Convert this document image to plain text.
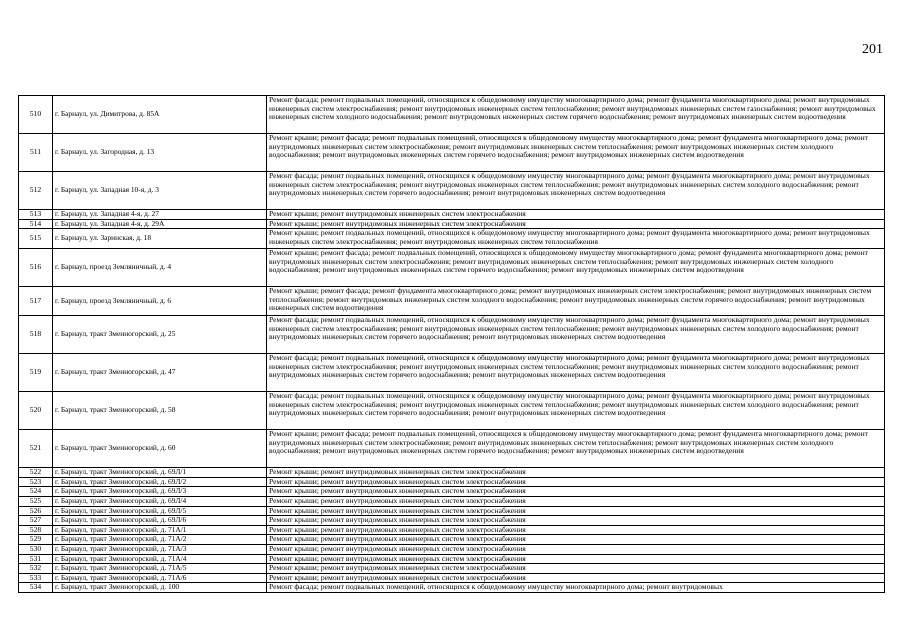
201
510	г. Барнаул, ул. Димитрова, д. 85А	Ремонт фасада; ремонт подвальных помещений, относящихся к общедомовому имуществу многоквартирного дома; ремонт фундамента многоквартирного дома; ремонт внутридомовых инженерных систем электроснабжения; ремонт внутридомовых инженерных систем теплоснабжения; ремонт внутридомовых инженерных систем газоснабжения; ремонт внутридомовых инженерных систем холодного водоснабжения; ремонт внутридомовых инженерных систем горячего водоснабжения; ремонт внутридомовых инженерных систем водоотведения
511	г. Барнаул, ул. Загородная, д. 13	Ремонт крыши; ремонт фасада; ремонт подвальных помещений, относящихся к общедомовому имуществу многоквартирного дома; ремонт фундамента многоквартирного дома; ремонт внутридомовых инженерных систем электроснабжения; ремонт внутридомовых инженерных систем теплоснабжения; ремонт внутридомовых инженерных систем холодного водоснабжения; ремонт внутридомовых инженерных систем горячего водоснабжения; ремонт внутридомовых инженерных систем водоотведения
512	г. Барнаул, ул. Западная 10-я, д. 3	Ремонт фасада; ремонт подвальных помещений, относящихся к общедомовому имуществу многоквартирного дома; ремонт фундамента многоквартирного дома; ремонт внутридомовых инженерных систем электроснабжения; ремонт внутридомовых инженерных систем теплоснабжения; ремонт внутридомовых инженерных систем холодного водоснабжения; ремонт внутридомовых инженерных систем горячего водоснабжения; ремонт внутридомовых инженерных систем водоотведения
513	г. Барнаул, ул. Западная 4-я, д. 27	Ремонт крыши; ремонт внутридомовых инженерных систем электроснабжения
514	г. Барнаул, ул. Западная 4-я, д. 29А	Ремонт крыши; ремонт внутридомовых инженерных систем электроснабжения
515	г. Барнаул, ул. Заринская, д. 18	Ремонт крыши; ремонт подвальных помещений, относящихся к общедомовому имуществу многоквартирного дома; ремонт фундамента многоквартирного дома; ремонт внутридомовых инженерных систем электроснабжения; ремонт внутридомовых инженерных систем теплоснабжения
516	г. Барнаул, проезд Земляничный, д. 4	Ремонт крыши; ремонт фасада; ремонт подвальных помещений, относящихся к общедомовому имуществу многоквартирного дома; ремонт фундамента многоквартирного дома; ремонт внутридомовых инженерных систем электроснабжения; ремонт внутридомовых инженерных систем теплоснабжения; ремонт внутридомовых инженерных систем холодного водоснабжения; ремонт внутридомовых инженерных систем горячего водоснабжения; ремонт внутридомовых инженерных систем водоотведения
517	г. Барнаул, проезд Земляничный, д. 6	Ремонт крыши; ремонт фасада; ремонт фундамента многоквартирного дома; ремонт внутридомовых инженерных систем электроснабжения; ремонт внутридомовых инженерных систем теплоснабжения; ремонт внутридомовых инженерных систем холодного водоснабжения; ремонт внутридомовых инженерных систем горячего водоснабжения; ремонт внутридомовых инженерных систем водоотведения
518	г. Барнаул, тракт Змеиногорский, д. 25	Ремонт фасада; ремонт подвальных помещений, относящихся к общедомовому имуществу многоквартирного дома; ремонт фундамента многоквартирного дома; ремонт внутридомовых инженерных систем электроснабжения; ремонт внутридомовых инженерных систем теплоснабжения; ремонт внутридомовых инженерных систем холодного водоснабжения; ремонт внутридомовых инженерных систем горячего водоснабжения; ремонт внутридомовых инженерных систем водоотведения
519	г. Барнаул, тракт Змеиногорский, д. 47	Ремонт фасада; ремонт подвальных помещений, относящихся к общедомовому имуществу многоквартирного дома; ремонт фундамента многоквартирного дома; ремонт внутридомовых инженерных систем электроснабжения; ремонт внутридомовых инженерных систем теплоснабжения; ремонт внутридомовых инженерных систем холодного водоснабжения; ремонт внутридомовых инженерных систем горячего водоснабжения; ремонт внутридомовых инженерных систем водоотведения
520	г. Барнаул, тракт Змеиногорский, д. 58	Ремонт фасада; ремонт подвальных помещений, относящихся к общедомовому имуществу многоквартирного дома; ремонт фундамента многоквартирного дома; ремонт внутридомовых инженерных систем электроснабжения; ремонт внутридомовых инженерных систем теплоснабжения; ремонт внутридомовых инженерных систем холодного водоснабжения; ремонт внутридомовых инженерных систем горячего водоснабжения; ремонт внутридомовых инженерных систем водоотведения
521	г. Барнаул, тракт Змеиногорский, д. 60	Ремонт крыши; ремонт фасада; ремонт подвальных помещений, относящихся к общедомовому имуществу многоквартирного дома; ремонт фундамента многоквартирного дома; ремонт внутридомовых инженерных систем электроснабжения; ремонт внутридомовых инженерных систем теплоснабжения; ремонт внутридомовых инженерных систем холодного водоснабжения; ремонт внутридомовых инженерных систем горячего водоснабжения; ремонт внутридомовых инженерных систем водоотведения
522	г. Барнаул, тракт Змеиногорский, д. 69Л/1	Ремонт крыши; ремонт внутридомовых инженерных систем электроснабжения
523	г. Барнаул, тракт Змеиногорский, д. 69Л/2	Ремонт крыши; ремонт внутридомовых инженерных систем электроснабжения
524	г. Барнаул, тракт Змеиногорский, д. 69Л/3	Ремонт крыши; ремонт внутридомовых инженерных систем электроснабжения
525	г. Барнаул, тракт Змеиногорский, д. 69Л/4	Ремонт крыши; ремонт внутридомовых инженерных систем электроснабжения
526	г. Барнаул, тракт Змеиногорский, д. 69Л/5	Ремонт крыши; ремонт внутридомовых инженерных систем электроснабжения
527	г. Барнаул, тракт Змеиногорский, д. 69Л/6	Ремонт крыши; ремонт внутридомовых инженерных систем электроснабжения
528	г. Барнаул, тракт Змеиногорский, д. 71А/1	Ремонт крыши; ремонт внутридомовых инженерных систем электроснабжения
529	г. Барнаул, тракт Змеиногорский, д. 71А/2	Ремонт крыши; ремонт внутридомовых инженерных систем электроснабжения
530	г. Барнаул, тракт Змеиногорский, д. 71А/3	Ремонт крыши; ремонт внутридомовых инженерных систем электроснабжения
531	г. Барнаул, тракт Змеиногорский, д. 71А/4	Ремонт крыши; ремонт внутридомовых инженерных систем электроснабжения
532	г. Барнаул, тракт Змеиногорский, д. 71А/5	Ремонт крыши; ремонт внутридомовых инженерных систем электроснабжения
533	г. Барнаул, тракт Змеиногорский, д. 71А/6	Ремонт крыши; ремонт внутридомовых инженерных систем электроснабжения
534	г. Барнаул, тракт Змеиногорский, д. 100	Ремонт фасада; ремонт подвальных помещений, относящихся к общедомовому имуществу многоквартирного дома; ремонт внутридомовых
